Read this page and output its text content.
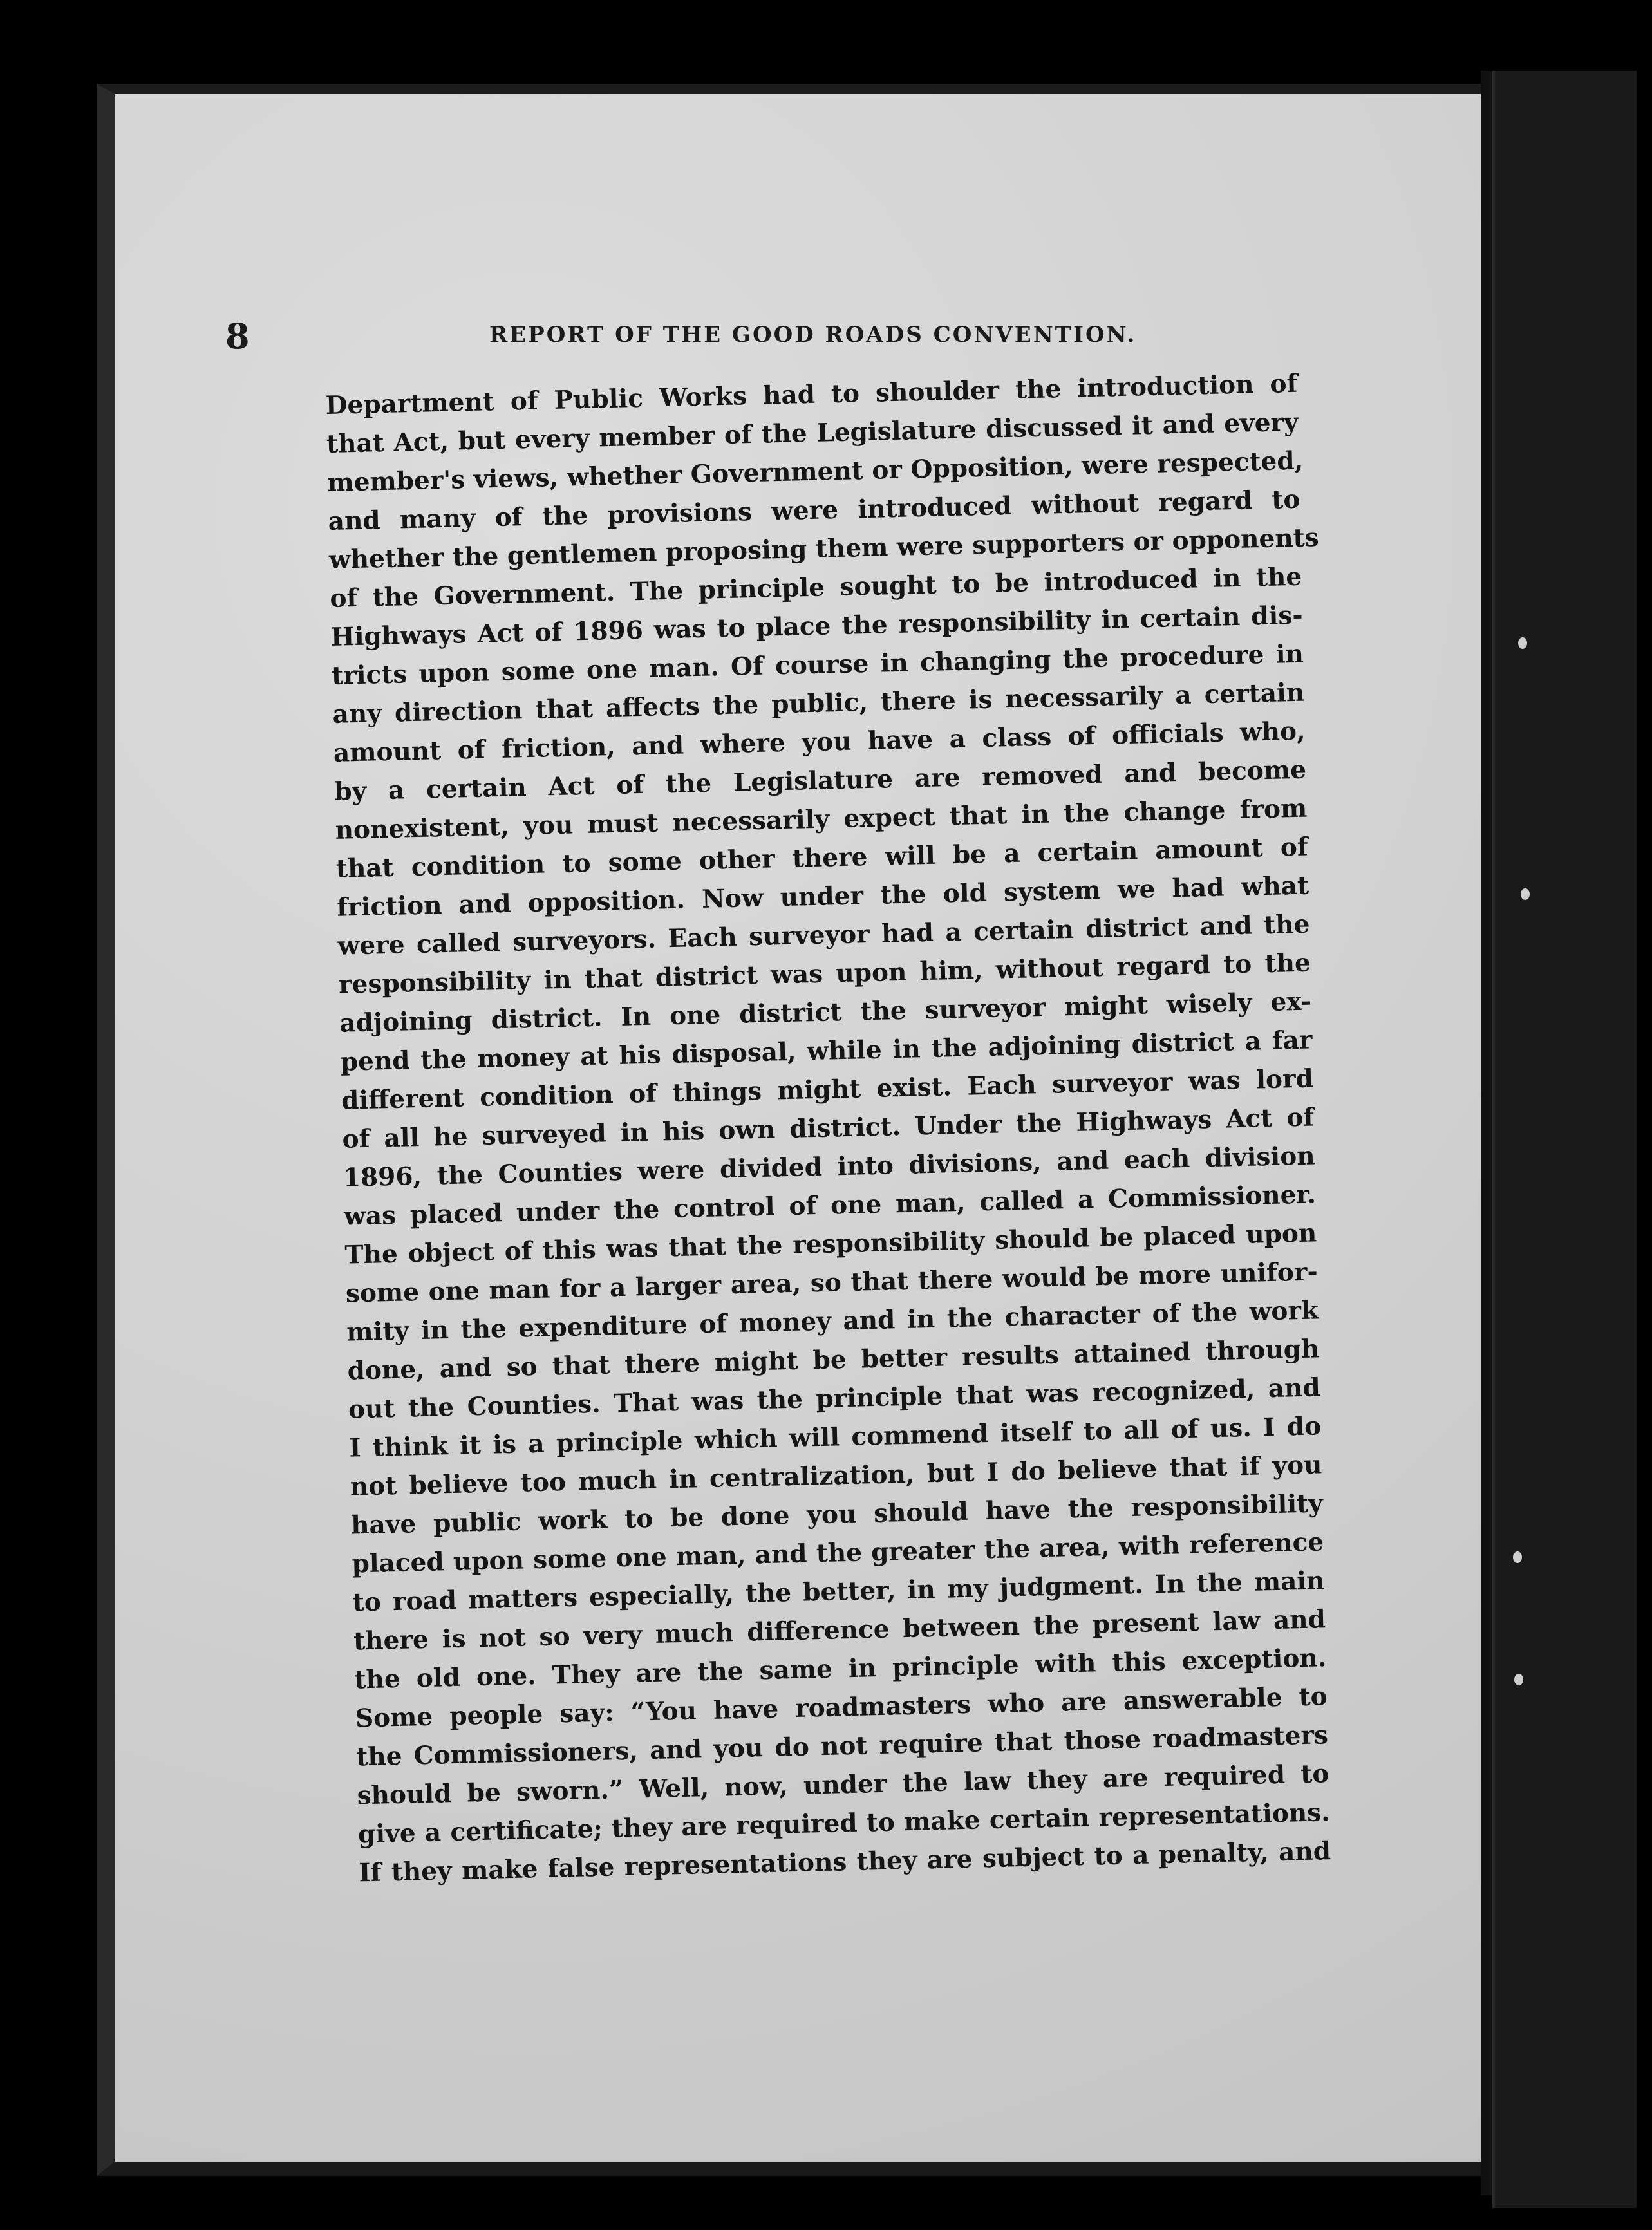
8	REPORT OF THE GOOD ROADS CONVENTION.
Department of Public Works had to shoulder the introduction of
that Act, but every member of the Legislature discussed it and every
member's views, whether Government or Opposition, were respected,
and many of the provisions were introduced without regard to
whether the gentlemen proposing them were supporters or opponents
of the Government. The principle sought to be introduced in the
Highways Act of 1896 was to place the responsibility in certain dis-
tricts upon some one man. Of course in changing the procedure in
any direction that affects the public, there is necessarily a certain
amount of friction, and where you have a class of officials who,
by a certain Act of the Legislature are removed and become
nonexistent, you must necessarily expect that in the change from
that condition to some other there will be a certain amount of
friction and opposition. Now under the old system we had what
were called surveyors. Each surveyor had a certain district and the
responsibility in that district was upon him, without regard to the
adjoining district. In one district the surveyor might wisely ex-
pend the money at his disposal, while in the adjoining district a far
different condition of things might exist. Each surveyor was lord
of all he surveyed in his own district. Under the Highways Act of
1896, the Counties were divided into divisions, and each division
was placed under the control of one man, called a Commissioner.
The object of this was that the responsibility should be placed upon
some one man for a larger area, so that there would be more unifor-
mity in the expenditure of money and in the character of the work
done, and so that there might be better results attained through
out the Counties. That was the principle that was recognized, and
I think it is a principle which will commend itself to all of us. I do
not believe too much in centralization, but I do believe that if you
have public work to be done you should have the responsibility
placed upon some one man, and the greater the area, with reference
to road matters especially, the better, in my judgment. In the main
there is not so very much difference between the present law and
the old one. They are the same in principle with this exception.
Some people say: “You have roadmasters who are answerable to
the Commissioners, and you do not require that those roadmasters
should be sworn.” Well, now, under the law they are required to
give a certificate; they are required to make certain representations.
If they make false representations they are subject to a penalty, and
